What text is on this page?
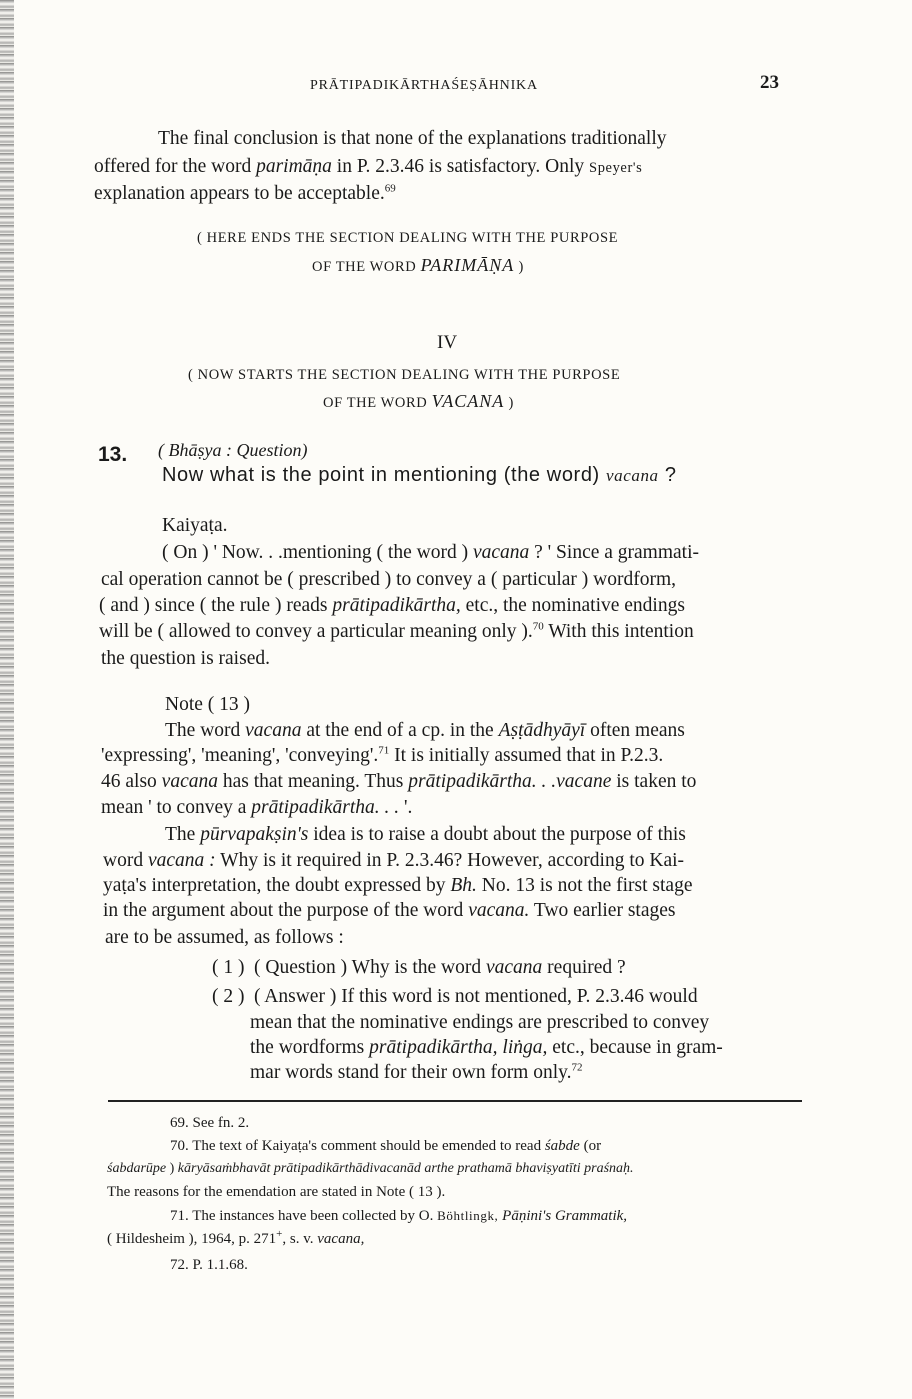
PRĀTIPADIKĀRTHAŚEṢĀHNIKA	23

The final conclusion is that none of the explanations traditionally

offered for the word parimāṇa in P. 2.3.46 is satisfactory. Only Speyer's

explanation appears to be acceptable.$^{69}$

( HERE ENDS THE SECTION DEALING WITH THE PURPOSE

OF THE WORD PARIMĀṆA )

IV

( NOW STARTS THE SECTION DEALING WITH THE PURPOSE

OF THE WORD VACANA )

13. ( Bhāṣya : Question)

Now what is the point in mentioning (the word) vacana ?

Kaiyaṭa.

( On ) ' Now. . .mentioning ( the word ) vacana ? ' Since a grammati-

cal operation cannot be ( prescribed ) to convey a ( particular ) wordform,

( and ) since ( the rule ) reads prātipadikārtha, etc., the nominative endings

will be ( allowed to convey a particular meaning only ).$^{70}$ With this intention

the question is raised.

Note ( 13 )

The word vacana at the end of a cp. in the Aṣṭādhyāyī often means

'expressing', 'meaning', 'conveying'.$^{71}$ It is initially assumed that in P.2.3.

46 also vacana has that meaning. Thus prātipadikārtha. . .vacane is taken to

mean ' to convey a prātipadikārtha. . . '.

The pūrvapakṣin's idea is to raise a doubt about the purpose of this

word vacana : Why is it required in P. 2.3.46? However, according to Kai-

yaṭa's interpretation, the doubt expressed by Bh. No. 13 is not the first stage

in the argument about the purpose of the word vacana. Two earlier stages

are to be assumed, as follows :

( 1 ) ( Question ) Why is the word vacana required ?

( 2 ) ( Answer ) If this word is not mentioned, P. 2.3.46 would

mean that the nominative endings are prescribed to convey

the wordforms prātipadikārtha, liṅga, etc., because in gram-

mar words stand for their own form only.$^{72}$

69. See fn. 2.

70. The text of Kaiyaṭa's comment should be emended to read śabde (or

śabdarūpe ) kāryāsaṁbhavāt prātipadikārthādivacanād arthe prathamā bhaviṣyatīti praśnaḥ.

The reasons for the emendation are stated in Note ( 13 ).

71. The instances have been collected by O. Böhtlingk, Pāṇini's Grammatik,

( Hildesheim ), 1964, p. 271+, s. v. vacana,

72. P. 1.1.68.
